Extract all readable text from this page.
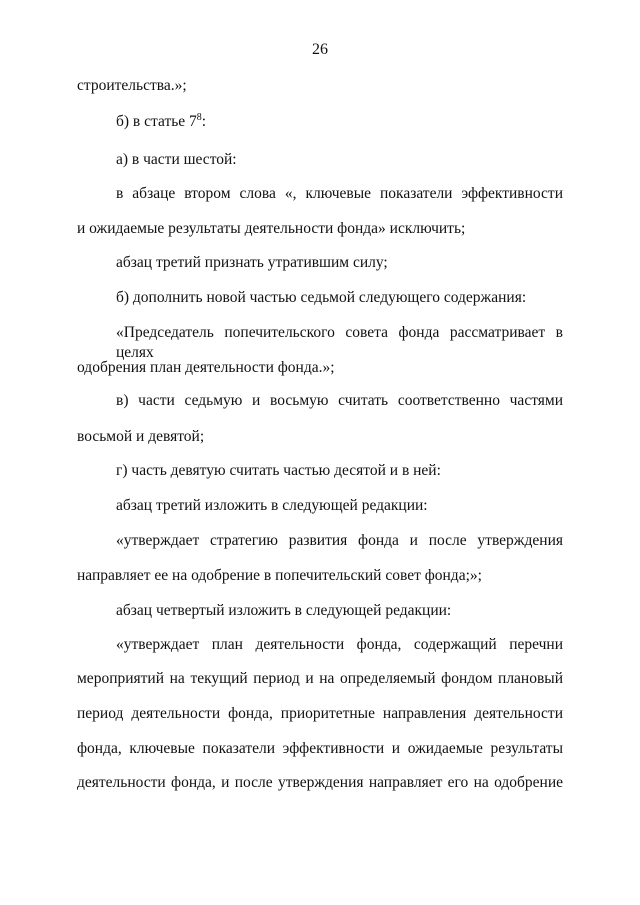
26
строительства.»;
б) в статье $7^8$:
а) в части шестой:
в абзаце втором слова «, ключевые показатели эффективности
и ожидаемые результаты деятельности фонда» исключить;
абзац третий признать утратившим силу;
б) дополнить новой частью седьмой следующего содержания:
«Председатель попечительского совета фонда рассматривает в целях
одобрения план деятельности фонда.»;
в) части седьмую и восьмую считать соответственно частями
восьмой и девятой;
г) часть девятую считать частью десятой и в ней:
абзац третий изложить в следующей редакции:
«утверждает стратегию развития фонда и после утверждения
направляет ее на одобрение в попечительский совет фонда;»;
абзац четвертый изложить в следующей редакции:
«утверждает план деятельности фонда, содержащий перечни
мероприятий на текущий период и на определяемый фондом плановый
период деятельности фонда, приоритетные направления деятельности
фонда, ключевые показатели эффективности и ожидаемые результаты
деятельности фонда, и после утверждения направляет его на одобрение
